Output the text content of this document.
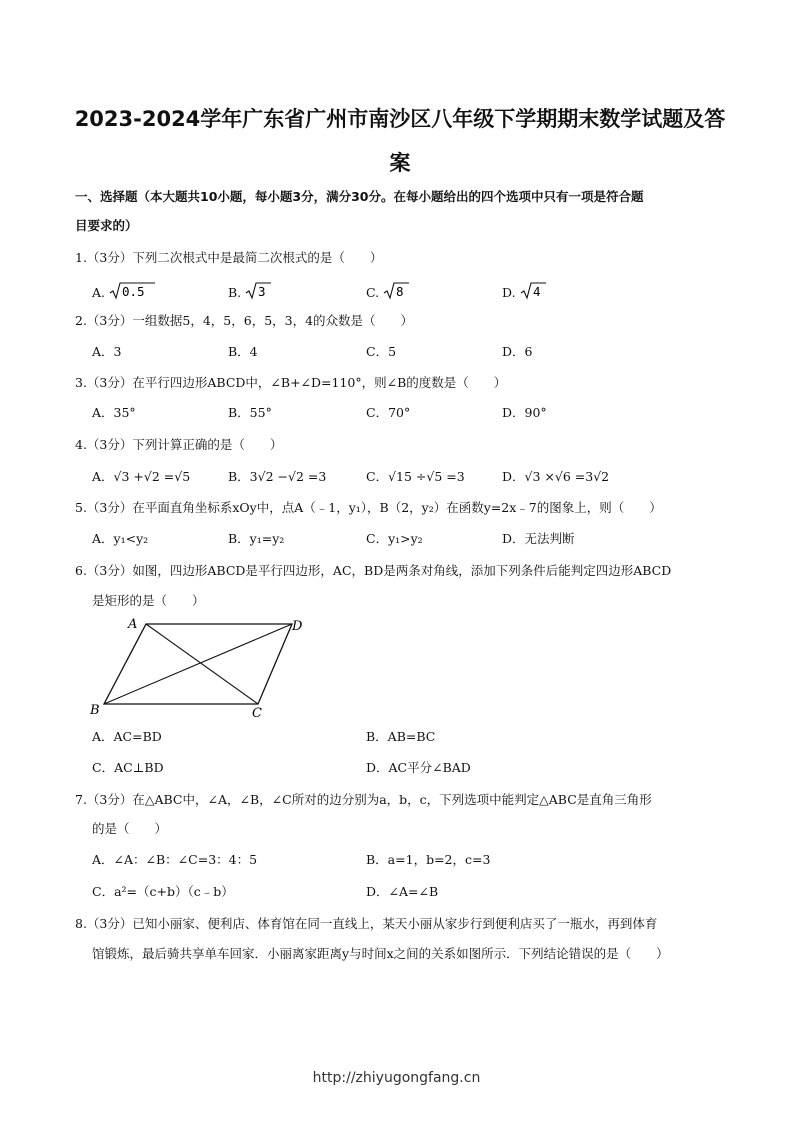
2023-2024学年广东省广州市南沙区八年级下学期期末数学试题及答
案
一、选择题（本大题共10小题，每小题3分，满分30分。在每小题给出的四个选项中只有一项是符合题
目要求的）
1.（3分）下列二次根式中是最简二次根式的是（　　）
A. 0.5	B. 3	C. 8	D. 4
2.（3分）一组数据5，4，5，6，5，3，4的众数是（　　）
A．3	B．4	C．5	D．6
3.（3分）在平行四边形ABCD中，∠B+∠D=110°，则∠B的度数是（　　）
A．35°	B．55°	C．70°	D．90°
4.（3分）下列计算正确的是（　　）
A．√3 +√2 =√5	B．3√2 −√2 =3	C．√15 ÷√5 =3	D．√3 ×√6 =3√2
5.（3分）在平面直角坐标系xOy中，点A（﹣1，y₁），B（2，y₂）在函数y=2x﹣7的图象上，则（　　）
A．y₁<y₂	B．y₁=y₂	C．y₁>y₂	D．无法判断
6.（3分）如图，四边形ABCD是平行四边形，AC，BD是两条对角线，添加下列条件后能判定四边形ABCD
是矩形的是（　　）
A	D
B	C
A．AC=BD	B．AB=BC
C．AC⊥BD	D．AC平分∠BAD
7.（3分）在△ABC中，∠A，∠B，∠C所对的边分别为a，b，c，下列选项中能判定△ABC是直角三角形
的是（　　）
A．∠A：∠B：∠C=3：4：5	B．a=1，b=2，c=3
C．a²=（c+b）（c﹣b）	D．∠A=∠B
8.（3分）已知小丽家、便利店、体育馆在同一直线上，某天小丽从家步行到便利店买了一瓶水，再到体育
馆锻炼，最后骑共享单车回家．小丽离家距离y与时间x之间的关系如图所示．下列结论错误的是（　　）
http://zhiyugongfang.cn
